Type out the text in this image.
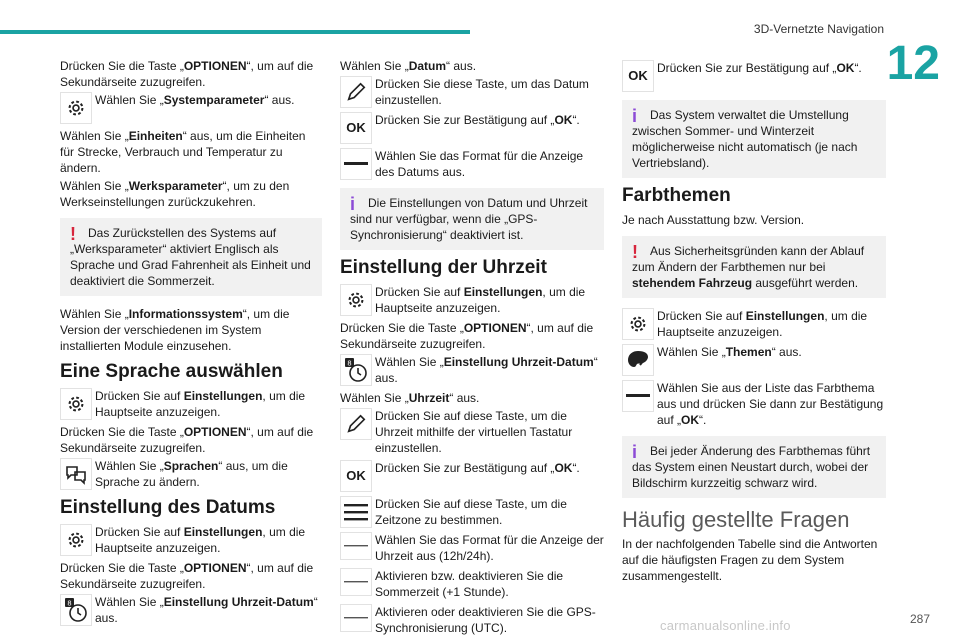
3D-Vernetzte Navigation
12

Drücken Sie die Taste „OPTIONEN“, um auf die Sekundärseite zuzugreifen.

Wählen Sie „Systemparameter“ aus.

Wählen Sie „Einheiten“ aus, um die Einheiten für Strecke, Verbrauch und Temperatur zu ändern.

Wählen Sie „Werksparameter“, um zu den Werkseinstellungen zurückzukehren.

!	Das Zurückstellen des Systems auf „Werksparameter“ aktiviert Englisch als Sprache und Grad Fahrenheit als Einheit und deaktiviert die Sommerzeit.

Wählen Sie „Informationssystem“, um die Version der verschiedenen im System installierten Module einzusehen.

Eine Sprache auswählen
Drücken Sie auf Einstellungen, um die Hauptseite anzuzeigen.

Drücken Sie die Taste „OPTIONEN“, um auf die Sekundärseite zuzugreifen.

Wählen Sie „Sprachen“ aus, um die Sprache zu ändern.
Einstellung des Datums
Drücken Sie auf Einstellungen, um die Hauptseite anzuzeigen.

Drücken Sie die Taste „OPTIONEN“, um auf die Sekundärseite zuzugreifen.

8 Wählen Sie „Einstellung Uhrzeit-Datum“ aus.

Wählen Sie „Datum“ aus.

Drücken Sie diese Taste, um das Datum einzustellen.
OK Drücken Sie zur Bestätigung auf „OK“.
Wählen Sie das Format für die Anzeige des Datums aus.
i	Die Einstellungen von Datum und Uhrzeit sind nur verfügbar, wenn die „GPS-Synchronisierung“ deaktiviert ist.
Einstellung der Uhrzeit
Drücken Sie auf Einstellungen, um die Hauptseite anzuzeigen.

Drücken Sie die Taste „OPTIONEN“, um auf die Sekundärseite zuzugreifen.

8 Wählen Sie „Einstellung Uhrzeit-Datum“ aus.

Wählen Sie „Uhrzeit“ aus.

Drücken Sie auf diese Taste, um die Uhrzeit mithilfe der virtuellen Tastatur einzustellen.
OK Drücken Sie zur Bestätigung auf „OK“.
Drücken Sie auf diese Taste, um die Zeitzone zu bestimmen.
Wählen Sie das Format für die Anzeige der Uhrzeit aus (12h/24h).
Aktivieren bzw. deaktivieren Sie die Sommerzeit (+1 Stunde).
Aktivieren oder deaktivieren Sie die GPS-Synchronisierung (UTC).
OK Drücken Sie zur Bestätigung auf „OK“.
i	Das System verwaltet die Umstellung zwischen Sommer- und Winterzeit möglicherweise nicht automatisch (je nach Vertriebsland).
Farbthemen

Je nach Ausstattung bzw. Version.

!	Aus Sicherheitsgründen kann der Ablauf zum Ändern der Farbthemen nur bei stehendem Fahrzeug ausgeführt werden.
Drücken Sie auf Einstellungen, um die Hauptseite anzuzeigen.
Wählen Sie „Themen“ aus.
Wählen Sie aus der Liste das Farbthema aus und drücken Sie dann zur Bestätigung auf „OK“.
i	Bei jeder Änderung des Farbthemas führt das System einen Neustart durch, wobei der Bildschirm kurzzeitig schwarz wird.
Häufig gestellte Fragen

In der nachfolgenden Tabelle sind die Antworten auf die häufigsten Fragen zu dem System zusammengestellt.

carmanualsonline.info	287
